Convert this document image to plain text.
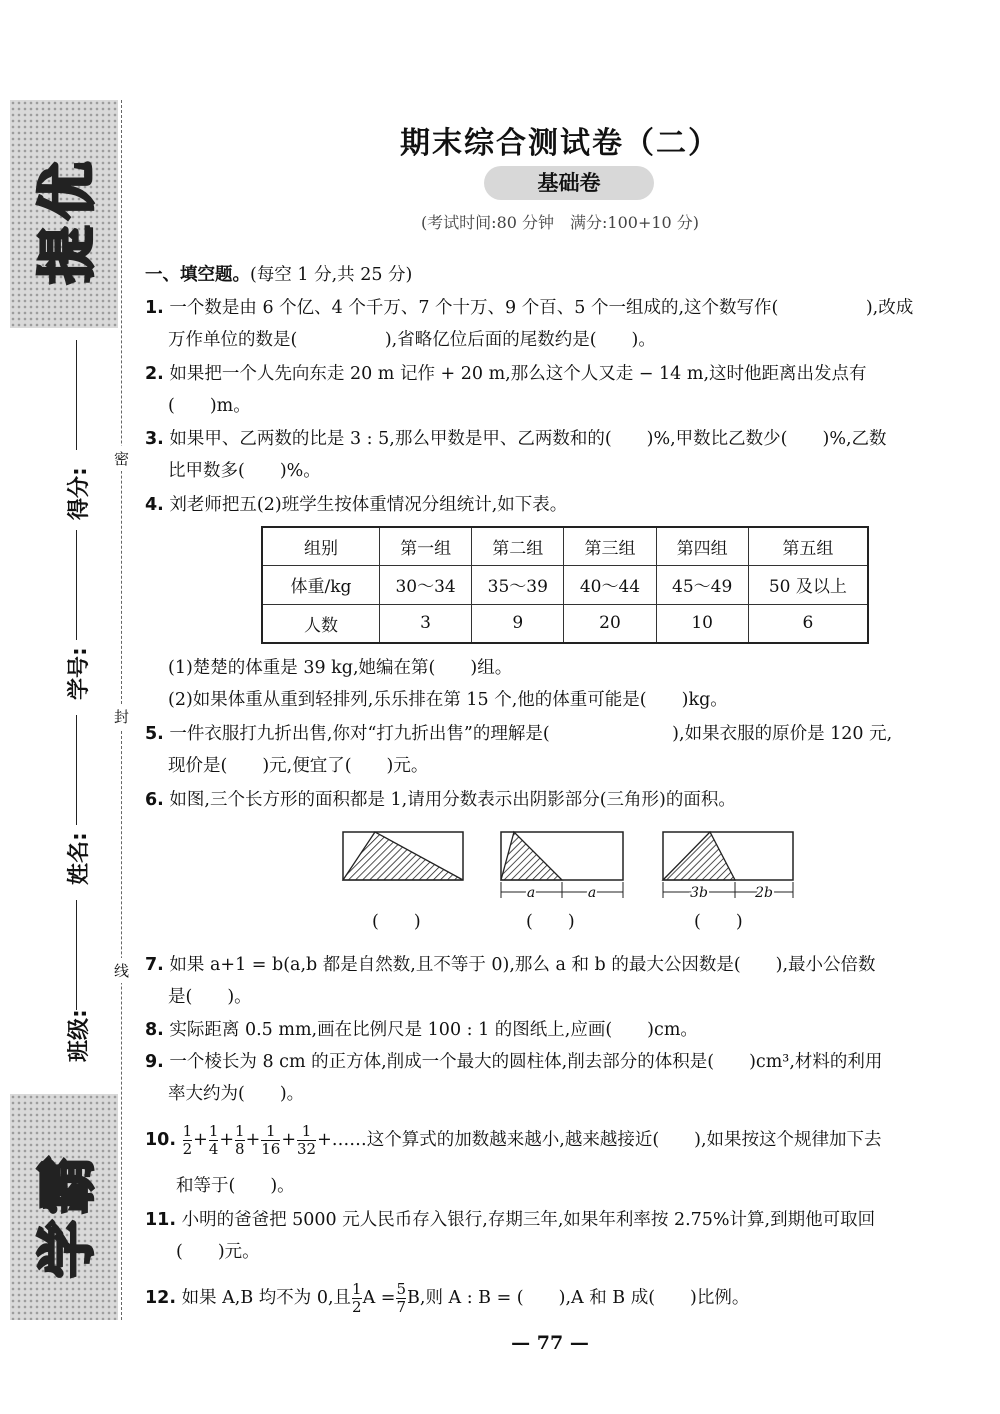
提优
学霸
得分:
学号:
姓名:
班级:
密
封
线
期末综合测试卷（二）
基础卷
(考试时间:80 分钟　满分:100+10 分)
一、填空题。(每空 1 分,共 25 分)
1. 一个数是由 6 个亿、4 个千万、7 个十万、9 个百、5 个一组成的,这个数写作(　　　　　),改成
万作单位的数是(　　　　　),省略亿位后面的尾数约是(　　)。
2. 如果把一个人先向东走 20 m 记作 + 20 m,那么这个人又走 − 14 m,这时他距离出发点有
(　　)m。
3. 如果甲、乙两数的比是 3 : 5,那么甲数是甲、乙两数和的(　　)%,甲数比乙数少(　　)%,乙数
比甲数多(　　)%。
4. 刘老师把五(2)班学生按体重情况分组统计,如下表。
组别	第一组	第二组	第三组	第四组	第五组
体重/kg	30～34	35～39	40～44	45～49	50 及以上
人数	3	9	20	10	6
(1)楚楚的体重是 39 kg,她编在第(　　)组。
(2)如果体重从重到轻排列,乐乐排在第 15 个,他的体重可能是(　　)kg。
5. 一件衣服打九折出售,你对“打九折出售”的理解是(　　　　　　　),如果衣服的原价是 120 元,
现价是(　　)元,便宜了(　　)元。
6. 如图,三个长方形的面积都是 1,请用分数表示出阴影部分(三角形)的面积。
a	a	3b	2b
(　　)	(　　)	(　　)
7. 如果 a+1 = b(a,b 都是自然数,且不等于 0),那么 a 和 b 的最大公因数是(　　),最小公倍数
是(　　)。
8. 实际距离 0.5 mm,画在比例尺是 100 : 1 的图纸上,应画(　　)cm。
9. 一个棱长为 8 cm 的正方体,削成一个最大的圆柱体,削去部分的体积是(　　)cm³,材料的利用
率大约为(　　)。
10. $\frac{1}{2} + \frac{1}{4} + \frac{1}{8} + \frac{1}{16} + \frac{1}{32}$ +……这个算式的加数越来越小,越来越接近(　　),如果按这个规律加下去
和等于(　　)。
11. 小明的爸爸把 5000 元人民币存入银行,存期三年,如果年利率按 2.75%计算,到期他可取回
(　　)元。
12. 如果 A,B 均不为 0,且 $\frac{1}{2}$ $A = \frac{5}{7} B$,则 A : B = (　　),A 和 B 成(　　)比例。
— 77 —
